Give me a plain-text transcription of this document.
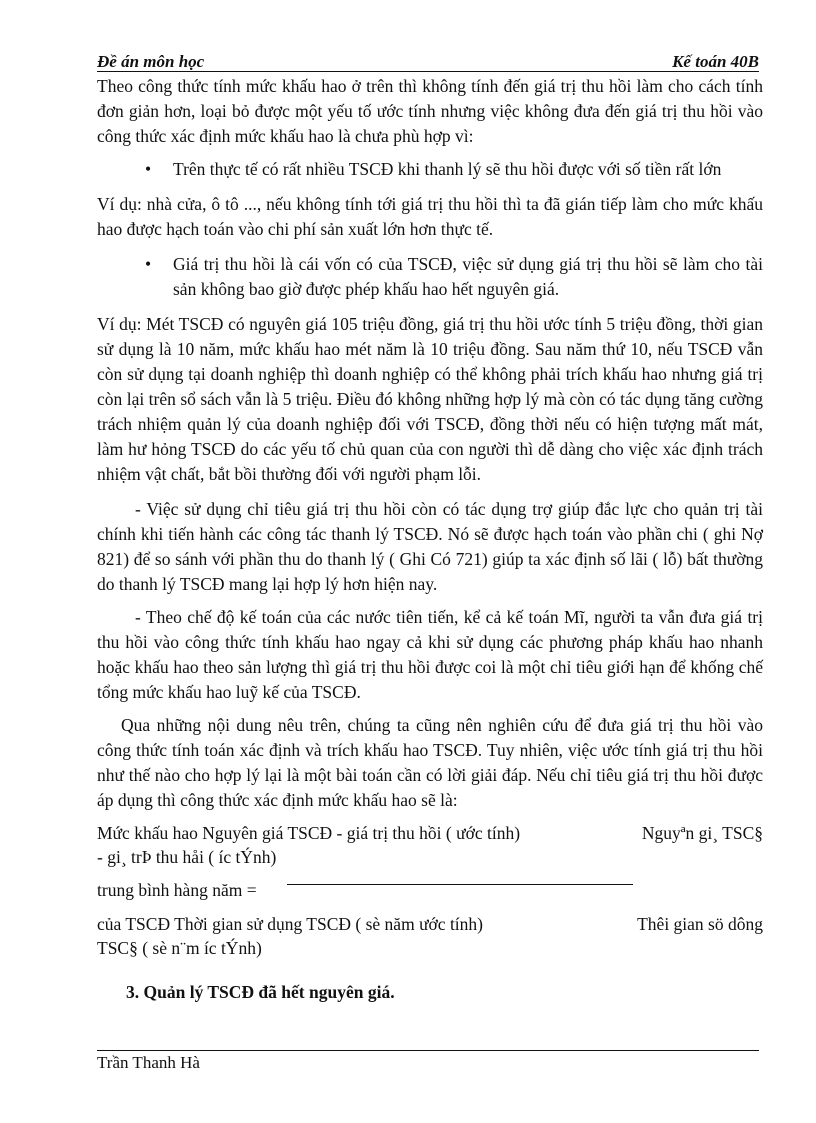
Đề án môn học	Kế toán 40B

Theo công thức tính mức khấu hao ở trên thì không tính đến giá trị thu hồi làm cho cách tính đơn giản hơn, loại bỏ được một yếu tố ước tính nhưng việc không đưa đến giá trị thu hồi vào công thức xác định mức khấu hao là chưa phù hợp vì:

• Trên thực tế có rất nhiều TSCĐ khi thanh lý sẽ thu hồi được với số tiền rất lớn

Ví dụ: nhà cửa, ô tô ..., nếu không tính tới giá trị thu hồi thì ta đã gián tiếp làm cho mức khấu hao được hạch toán vào chi phí sản xuất lớn hơn thực tế.

• Giá trị thu hồi là cái vốn có của TSCĐ, việc sử dụng giá trị thu hồi sẽ làm cho tài sản không bao giờ được phép khấu hao hết nguyên giá.

Ví dụ: Mét TSCĐ có nguyên giá 105 triệu đồng, giá trị thu hồi ước tính 5 triệu đồng, thời gian sử dụng là 10 năm, mức khấu hao mét năm là 10 triệu đồng. Sau năm thứ 10, nếu TSCĐ vẫn còn sử dụng tại doanh nghiệp thì doanh nghiệp có thể không phải trích khấu hao nhưng giá trị còn lại trên sổ sách vẫn là 5 triệu. Điều đó không những hợp lý mà còn có tác dụng tăng cường trách nhiệm quản lý của doanh nghiệp đối với TSCĐ, đồng thời nếu có hiện tượng mất mát, làm hư hỏng TSCĐ do các yếu tố chủ quan của con người thì dễ dàng cho việc xác định trách nhiệm vật chất, bắt bồi thường đối với người phạm lỗi.

- Việc sử dụng chỉ tiêu giá trị thu hồi còn có tác dụng trợ giúp đắc lực cho quản trị tài chính khi tiến hành các công tác thanh lý TSCĐ. Nó sẽ được hạch toán vào phần chi ( ghi Nợ 821) để so sánh với phần thu do thanh lý ( Ghi Có 721) giúp ta xác định số lãi ( lỗ) bất thường do thanh lý TSCĐ mang lại hợp lý hơn hiện nay.

- Theo chế độ kế toán của các nước tiên tiến, kể cả kế toán Mĩ, người ta vẫn đưa giá trị thu hồi vào công thức tính khấu hao ngay cả khi sử dụng các phương pháp khấu hao nhanh hoặc khấu hao theo sản lượng thì giá trị thu hồi được coi là một chỉ tiêu giới hạn để khống chế tổng mức khấu hao luỹ kế của TSCĐ.

Qua những nội dung nêu trên, chúng ta cũng nên nghiên cứu để đưa giá trị thu hồi vào công thức tính toán xác định và trích khấu hao TSCĐ. Tuy nhiên, việc ước tính giá trị thu hồi như thế nào cho hợp lý lại là một bài toán cần có lời giải đáp. Nếu chỉ tiêu giá trị thu hồi được áp dụng thì công thức xác định mức khấu hao sẽ là:

Mức khấu hao Nguyên giá TSCĐ - giá trị thu hồi ( ước tính)	Nguyªn gi¸ TSC§
- gi¸ trÞ thu håi ( íc tÝnh)
trung bình hàng năm =
của TSCĐ Thời gian sử dụng TSCĐ ( sè năm ước tính)	Thêi gian sö dông
TSC§ ( sè n¨m íc tÝnh)
3. Quản lý TSCĐ đã hết nguyên giá.
Trần Thanh Hà
